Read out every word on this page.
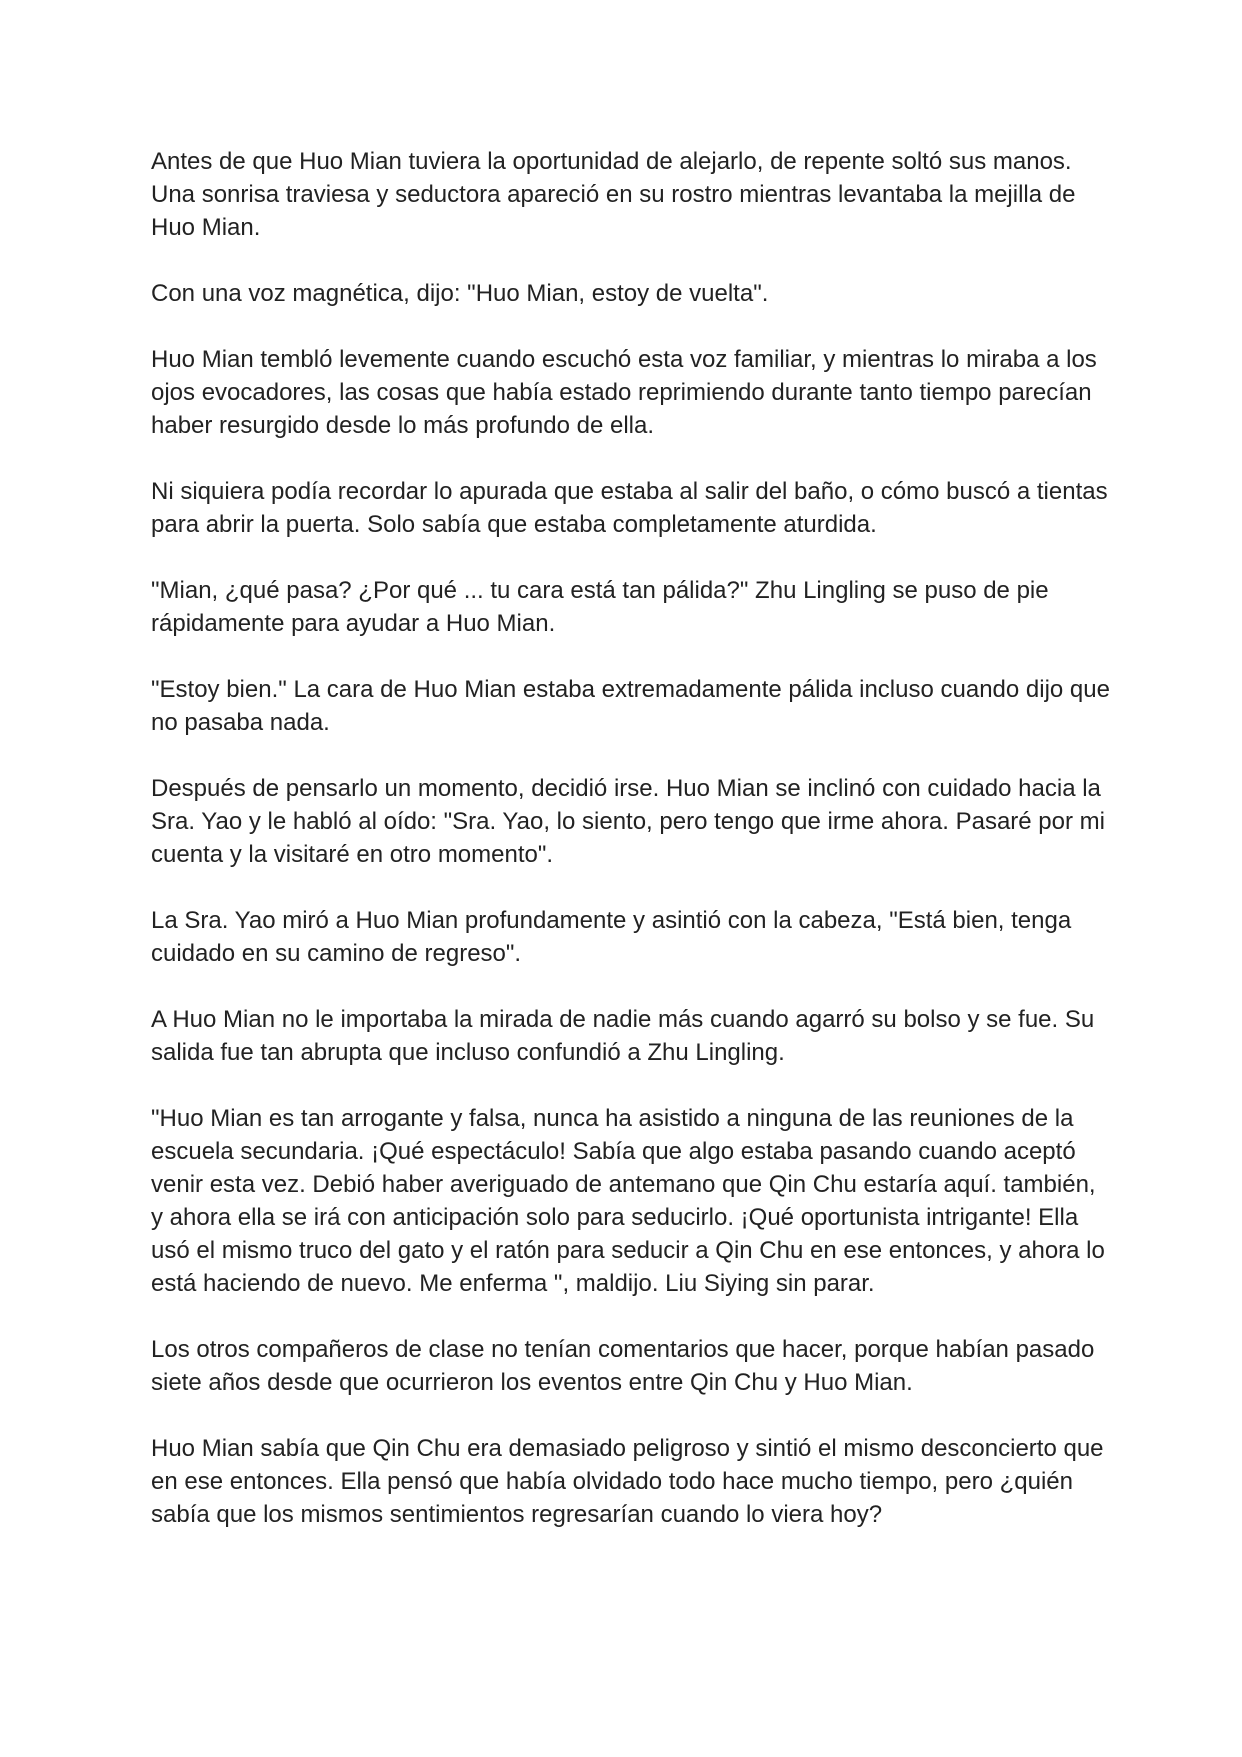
Antes de que Huo Mian tuviera la oportunidad de alejarlo, de repente soltó sus manos. Una sonrisa traviesa y seductora apareció en su rostro mientras levantaba la mejilla de Huo Mian.

Con una voz magnética, dijo: "Huo Mian, estoy de vuelta".

Huo Mian tembló levemente cuando escuchó esta voz familiar, y mientras lo miraba a los ojos evocadores, las cosas que había estado reprimiendo durante tanto tiempo parecían haber resurgido desde lo más profundo de ella.

Ni siquiera podía recordar lo apurada que estaba al salir del baño, o cómo buscó a tientas para abrir la puerta. Solo sabía que estaba completamente aturdida.

"Mian, ¿qué pasa? ¿Por qué ... tu cara está tan pálida?" Zhu Lingling se puso de pie rápidamente para ayudar a Huo Mian.

"Estoy bien." La cara de Huo Mian estaba extremadamente pálida incluso cuando dijo que no pasaba nada.

Después de pensarlo un momento, decidió irse. Huo Mian se inclinó con cuidado hacia la Sra. Yao y le habló al oído: "Sra. Yao, lo siento, pero tengo que irme ahora. Pasaré por mi cuenta y la visitaré en otro momento".

La Sra. Yao miró a Huo Mian profundamente y asintió con la cabeza, "Está bien, tenga cuidado en su camino de regreso".

A Huo Mian no le importaba la mirada de nadie más cuando agarró su bolso y se fue. Su salida fue tan abrupta que incluso confundió a Zhu Lingling.

"Huo Mian es tan arrogante y falsa, nunca ha asistido a ninguna de las reuniones de la escuela secundaria. ¡Qué espectáculo! Sabía que algo estaba pasando cuando aceptó venir esta vez. Debió haber averiguado de antemano que Qin Chu estaría aquí. también, y ahora ella se irá con anticipación solo para seducirlo. ¡Qué oportunista intrigante! Ella usó el mismo truco del gato y el ratón para seducir a Qin Chu en ese entonces, y ahora lo está haciendo de nuevo. Me enferma ", maldijo. Liu Siying sin parar.

Los otros compañeros de clase no tenían comentarios que hacer, porque habían pasado siete años desde que ocurrieron los eventos entre Qin Chu y Huo Mian.

Huo Mian sabía que Qin Chu era demasiado peligroso y sintió el mismo desconcierto que en ese entonces. Ella pensó que había olvidado todo hace mucho tiempo, pero ¿quién sabía que los mismos sentimientos regresarían cuando lo viera hoy?
